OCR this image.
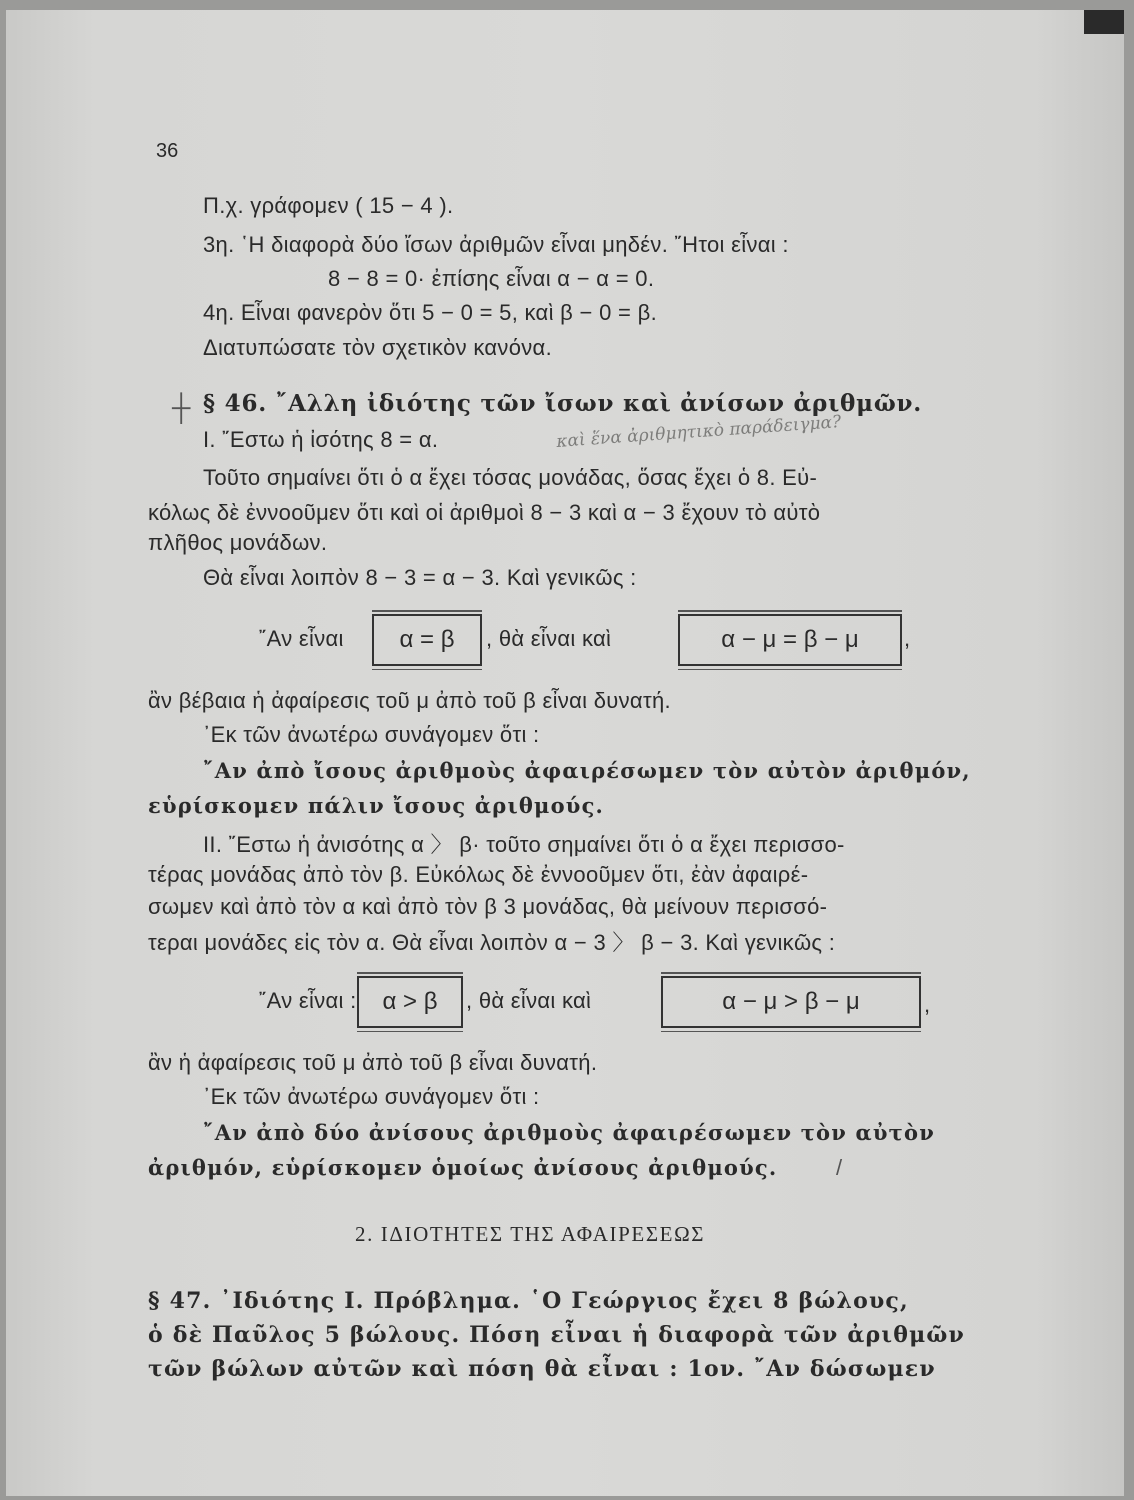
36
Π.χ. γράφομεν ( 15 − 4 ).
3η. ῾Η διαφορὰ δύο ἴσων ἀριθμῶν εἶναι μηδέν. ῎Ητοι εἶναι :
8 − 8 = 0· ἐπίσης εἶναι α − α = 0.
4η. Εἶναι φανερὸν ὅτι 5 − 0 = 5, καὶ β − 0 = β.
Διατυπώσατε τὸν σχετικὸν κανόνα.
┼ § 46. ῎Αλλη ἰδιότης τῶν ἴσων καὶ ἀνίσων ἀριθμῶν.
Ι. ῎Εστω ἡ ἰσότης 8 = α.	καὶ ἕνα ἀριθμητικὸ παράδειγμα?
Τοῦτο σημαίνει ὅτι ὁ α ἔχει τόσας μονάδας, ὅσας ἔχει ὁ 8. Εὐ-
κόλως δὲ ἐννοοῦμεν ὅτι καὶ οἱ ἀριθμοὶ 8 − 3 καὶ α − 3 ἔχουν τὸ αὐτὸ
πλῆθος μονάδων.
Θὰ εἶναι λοιπὸν 8 − 3 = α − 3. Καὶ γενικῶς :
῎Αν εἶναι	α = β	, θὰ εἶναι καὶ	α − μ = β − μ	,
ἂν βέβαια ἡ ἀφαίρεσις τοῦ μ ἀπὸ τοῦ β εἶναι δυνατή.
᾿Εκ τῶν ἀνωτέρω συνάγομεν ὅτι :
῎Αν ἀπὸ ἴσους ἀριθμοὺς ἀφαιρέσωμεν τὸν αὐτὸν ἀριθμόν,
εὑρίσκομεν πάλιν ἴσους ἀριθμούς.
ΙΙ. ῎Εστω ἡ ἀνισότης α 〉 β· τοῦτο σημαίνει ὅτι ὁ α ἔχει περισσο-
τέρας μονάδας ἀπὸ τὸν β. Εὐκόλως δὲ ἐννοοῦμεν ὅτι, ἐὰν ἀφαιρέ-
σωμεν καὶ ἀπὸ τὸν α καὶ ἀπὸ τὸν β 3 μονάδας, θὰ μείνουν περισσό-
τεραι μονάδες εἰς τὸν α. Θὰ εἶναι λοιπὸν α − 3 〉 β − 3. Καὶ γενικῶς :
῎Αν εἶναι :	α > β	, θὰ εἶναι καὶ	α − μ > β − μ	,
ἂν ἡ ἀφαίρεσις τοῦ μ ἀπὸ τοῦ β εἶναι δυνατή.
᾿Εκ τῶν ἀνωτέρω συνάγομεν ὅτι :
῎Αν ἀπὸ δύο ἀνίσους ἀριθμοὺς ἀφαιρέσωμεν τὸν αὐτὸν
ἀριθμόν, εὑρίσκομεν ὁμοίως ἀνίσους ἀριθμούς.	/
2. ΙΔΙΟΤΗΤΕΣ ΤΗΣ ΑΦΑΙΡΕΣΕΩΣ
§ 47. ᾿Ιδιότης Ι. Πρόβλημα. ῾Ο Γεώργιος ἔχει 8 βώλους,
ὁ δὲ Παῦλος 5 βώλους. Πόση εἶναι ἡ διαφορὰ τῶν ἀριθμῶν
τῶν βώλων αὐτῶν καὶ πόση θὰ εἶναι : 1ον. ῎Αν δώσωμεν
